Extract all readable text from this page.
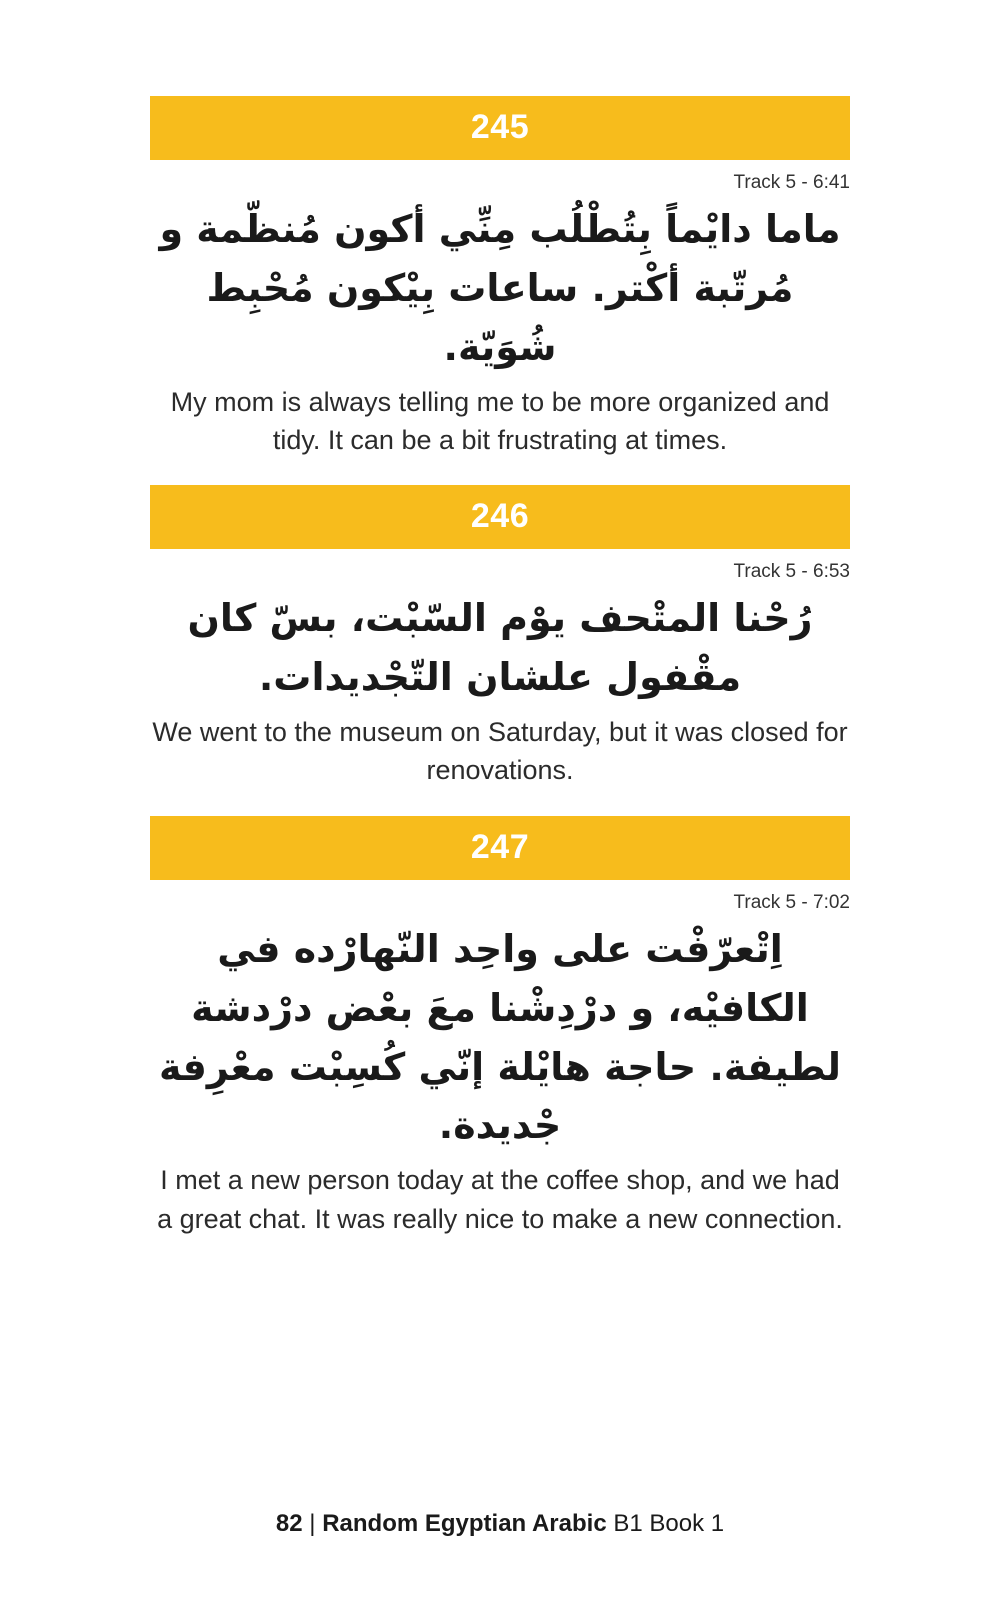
245
Track 5 - 6:41
ماما دايْماً بِتُطْلُب مِنِّي أكون مُنظّمة و مُرتّبة أكْتر. ساعات بِيْكون مُحْبِط شُوَيّة.
My mom is always telling me to be more organized and tidy. It can be a bit frustrating at times.
246
Track 5 - 6:53
رُحْنا المتْحف يوْم السّبْت، بسّ كان مقْفول علشان التّجْديدات.
We went to the museum on Saturday, but it was closed for renovations.
247
Track 5 - 7:02
اِتْعرّفْت على واحِد النّهارْده في الكافيْه، و درْدِشْنا معَ بعْض درْدشة لطيفة. حاجة هايْلة إنّي كُسِبْت معْرِفة جْديدة.
I met a new person today at the coffee shop, and we had a great chat. It was really nice to make a new connection.
82 | Random Egyptian Arabic B1 Book 1
